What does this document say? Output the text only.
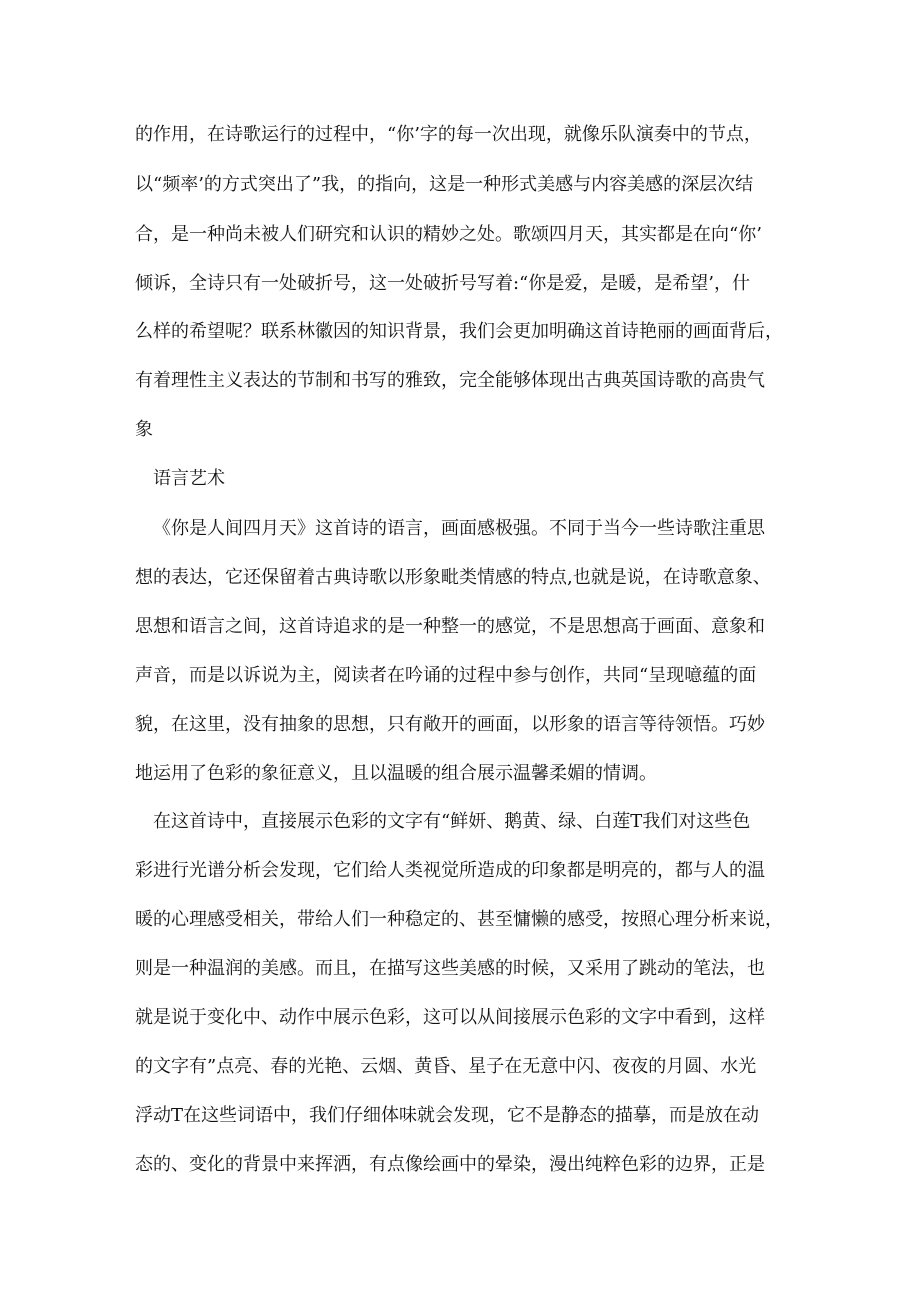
的作用，在诗歌运行的过程中，“你’字的每一次出现，就像乐队演奏中的节点，
以“频率’的方式突出了”我，的指向，这是一种形式美感与内容美感的深层次结
合，是一种尚未被人们研究和认识的精妙之处。歌颂四月天，其实都是在向“你’
倾诉，全诗只有一处破折号，这一处破折号写着:“你是爱，是暖，是希望’，什
么样的希望呢？联系林徽因的知识背景，我们会更加明确这首诗艳丽的画面背后，
有着理性主义表达的节制和书写的雅致，完全能够体现出古典英国诗歌的高贵气
象
语言艺术
《你是人间四月天》这首诗的语言，画面感极强。不同于当今一些诗歌注重思
想的表达，它还保留着古典诗歌以形象毗类情感的特点,也就是说，在诗歌意象、
思想和语言之间，这首诗追求的是一种整一的感觉，不是思想高于画面、意象和
声音，而是以诉说为主，阅读者在吟诵的过程中参与创作，共同“呈现噫蕴的面
貌，在这里，没有抽象的思想，只有敞开的画面，以形象的语言等待领悟。巧妙
地运用了色彩的象征意义，且以温暖的组合展示温馨柔媚的情调。
在这首诗中，直接展示色彩的文字有“鲜妍、鹅黄、绿、白莲T我们对这些色
彩进行光谱分析会发现，它们给人类视觉所造成的印象都是明亮的，都与人的温
暖的心理感受相关，带给人们一种稳定的、甚至慵懒的感受，按照心理分析来说，
则是一种温润的美感。而且，在描写这些美感的时候，又采用了跳动的笔法，也
就是说于变化中、动作中展示色彩，这可以从间接展示色彩的文字中看到，这样
的文字有”点亮、春的光艳、云烟、黄昏、星子在无意中闪、夜夜的月圆、水光
浮动T在这些词语中，我们仔细体味就会发现，它不是静态的描摹，而是放在动
态的、变化的背景中来挥洒，有点像绘画中的晕染，漫出纯粹色彩的边界，正是
